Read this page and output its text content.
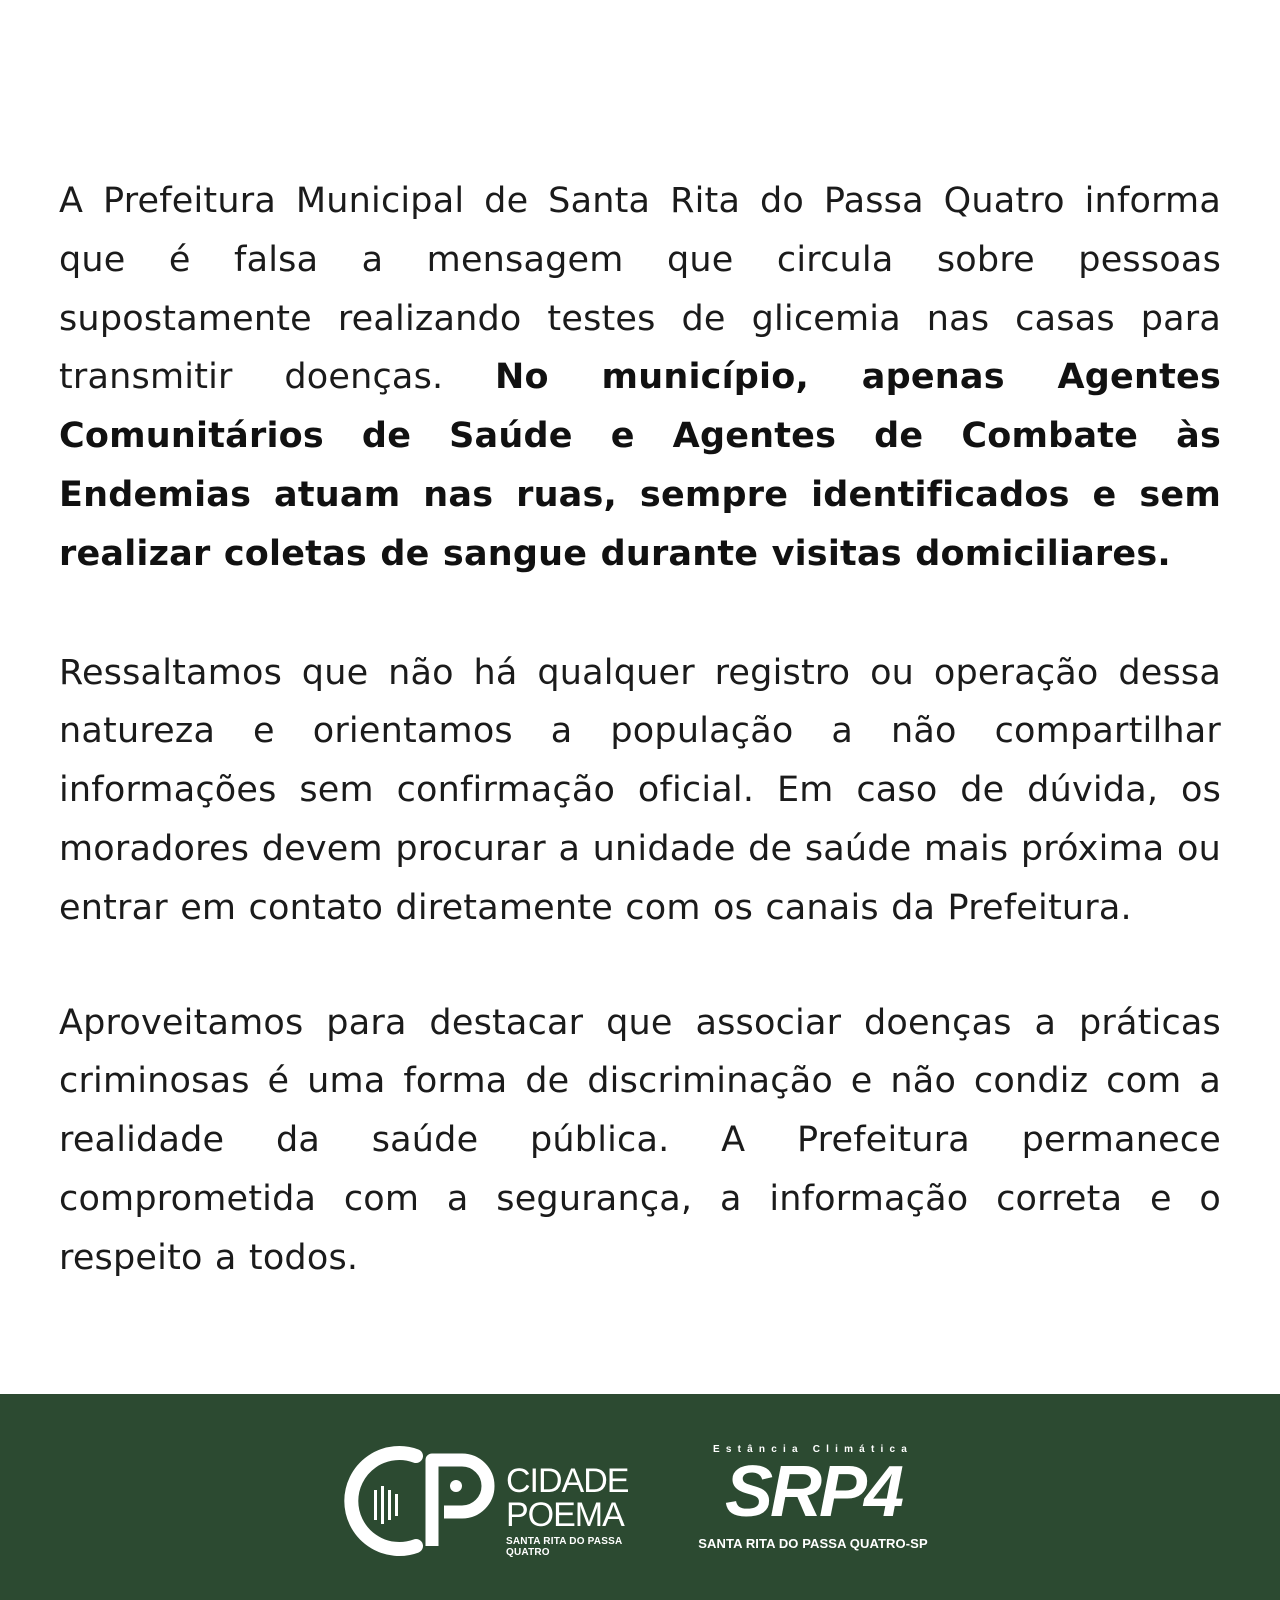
A Prefeitura Municipal de Santa Rita do Passa Quatro informa que é falsa a mensagem que circula sobre pessoas supostamente realizando testes de glicemia nas casas para transmitir doenças. No município, apenas Agentes Comunitários de Saúde e Agentes de Combate às Endemias atuam nas ruas, sempre identificados e sem realizar coletas de sangue durante visitas domiciliares.

Ressaltamos que não há qualquer registro ou operação dessa natureza e orientamos a população a não compartilhar informações sem confirmação oficial. Em caso de dúvida, os moradores devem procurar a unidade de saúde mais próxima ou entrar em contato diretamente com os canais da Prefeitura.

Aproveitamos para destacar que associar doenças a práticas criminosas é uma forma de discriminação e não condiz com a realidade da saúde pública. A Prefeitura permanece comprometida com a segurança, a informação correta e o respeito a todos.

CIDADE
POEMA
SANTA RITA DO PASSA QUATRO
Estância Climática
SRP4
SANTA RITA DO PASSA QUATRO-SP
